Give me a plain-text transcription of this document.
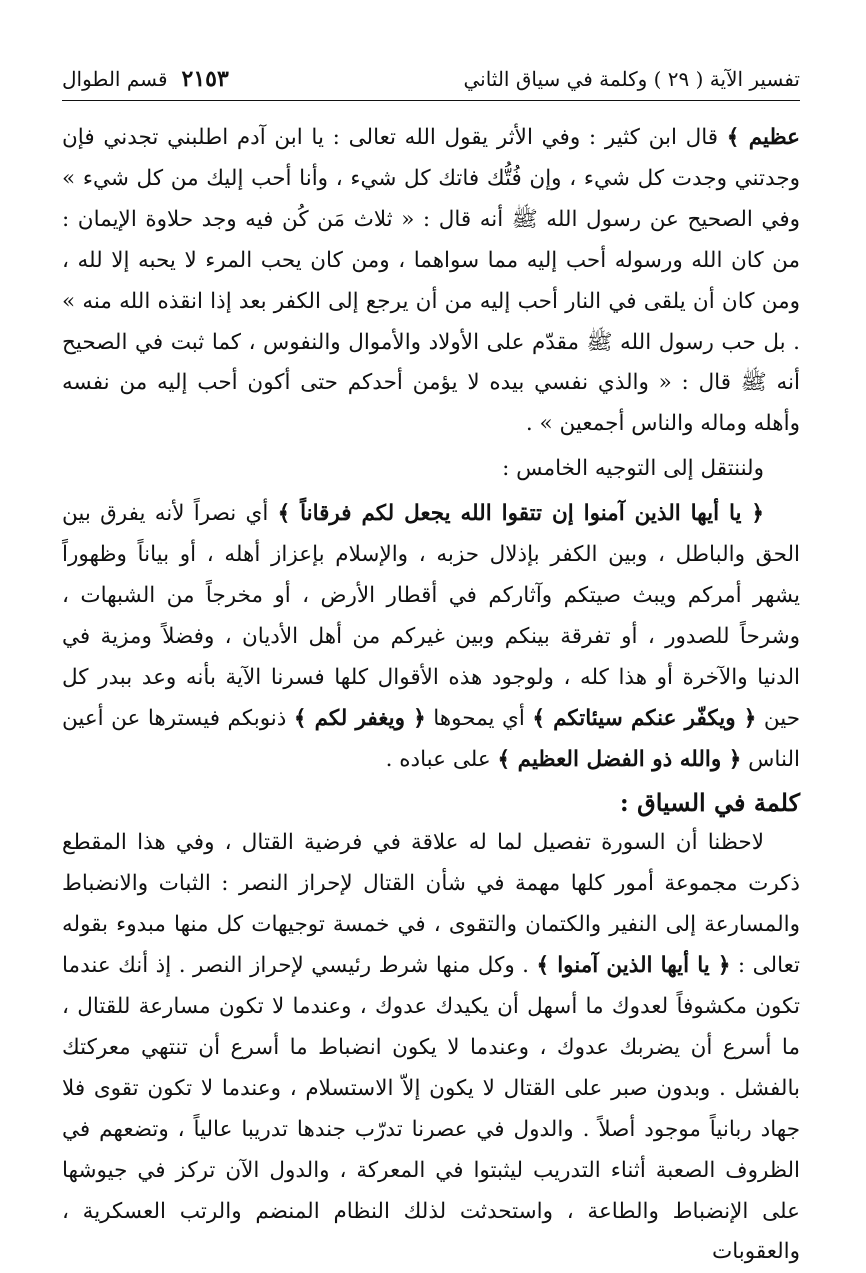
تفسير الآية ( ٢٩ ) وكلمة في سياق الثاني
٢١٥٣
قسم الطوال

عظيم ﴾ قال ابن كثير : وفي الأثر يقول الله تعالى : يا ابن آدم اطلبني تجدني فإن وجدتني وجدت كل شيء ، وإن فُتُّك فاتك كل شيء ، وأنا أحب إليك من كل شيء » وفي الصحيح عن رسول الله ﷺ أنه قال : « ثلاث مَن كُن فيه وجد حلاوة الإيمان : من كان الله ورسوله أحب إليه مما سواهما ، ومن كان يحب المرء لا يحبه إلا لله ، ومن كان أن يلقى في النار أحب إليه من أن يرجع إلى الكفر بعد إذا انقذه الله منه » . بل حب رسول الله ﷺ مقدّم على الأولاد والأموال والنفوس ، كما ثبت في الصحيح أنه ﷺ قال : « والذي نفسي بيده لا يؤمن أحدكم حتى أكون أحب إليه من نفسه وأهله وماله والناس أجمعين » .

ولننتقل إلى التوجيه الخامس :

﴿ يا أيها الذين آمنوا إن تتقوا الله يجعل لكم فرقاناً ﴾ أي نصراً لأنه يفرق بين الحق والباطل ، وبين الكفر بإذلال حزبه ، والإسلام بإعزاز أهله ، أو بياناً وظهوراً يشهر أمركم ويبث صيتكم وآثاركم في أقطار الأرض ، أو مخرجاً من الشبهات ، وشرحاً للصدور ، أو تفرقة بينكم وبين غيركم من أهل الأديان ، وفضلاً ومزية في الدنيا والآخرة أو هذا كله ، ولوجود هذه الأقوال كلها فسرنا الآية بأنه وعد ببدر كل حين ﴿ ويكفّر عنكم سيئاتكم ﴾ أي يمحوها ﴿ ويغفر لكم ﴾ ذنوبكم فيسترها عن أعين الناس ﴿ والله ذو الفضل العظيم ﴾ على عباده .

كلمة في السياق :

لاحظنا أن السورة تفصيل لما له علاقة في فرضية القتال ، وفي هذا المقطع ذكرت مجموعة أمور كلها مهمة في شأن القتال لإحراز النصر : الثبات والانضباط والمسارعة إلى النفير والكتمان والتقوى ، في خمسة توجيهات كل منها مبدوء بقوله تعالى : ﴿ يا أيها الذين آمنوا ﴾ . وكل منها شرط رئيسي لإحراز النصر . إذ أنك عندما تكون مكشوفاً لعدوك ما أسهل أن يكيدك عدوك ، وعندما لا تكون مسارعة للقتال ، ما أسرع أن يضربك عدوك ، وعندما لا يكون انضباط ما أسرع أن تنتهي معركتك بالفشل . وبدون صبر على القتال لا يكون إلاّ الاستسلام ، وعندما لا تكون تقوى فلا جهاد ربانياً موجود أصلاً . والدول في عصرنا تدرّب جندها تدريبا عالياً ، وتضعهم في الظروف الصعبة أثناء التدريب ليثبتوا في المعركة ، والدول الآن تركز في جيوشها على الإنضباط والطاعة ، واستحدثت لذلك النظام المنضم والرتب العسكرية ، والعقوبات
